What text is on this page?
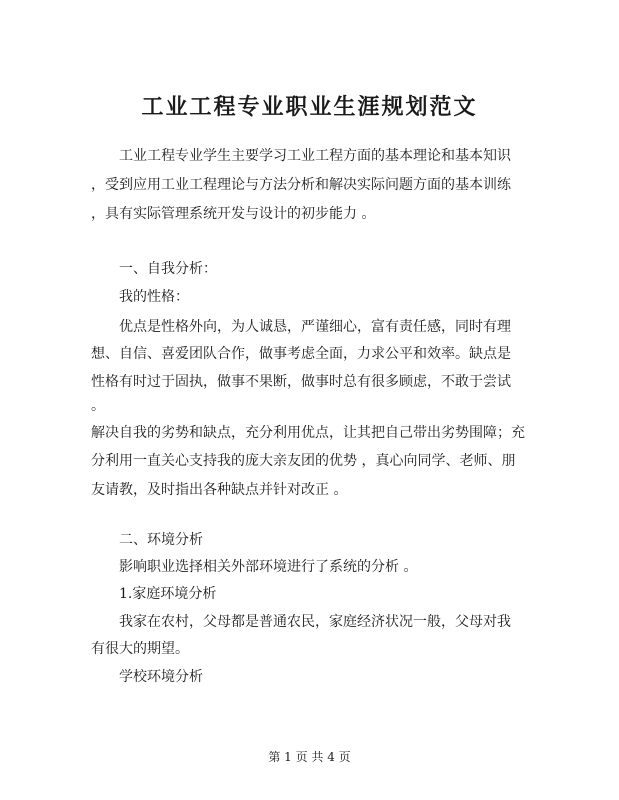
工业工程专业职业生涯规划范文
工业工程专业学生主要学习工业工程方面的基本理论和基本知识
，受到应用工业工程理论与方法分析和解决实际问题方面的基本训练
，具有实际管理系统开发与设计的初步能力 。
一、自我分析：
我的性格：
优点是性格外向，为人诚恳，严谨细心，富有责任感，同时有理
想、自信、喜爱团队合作，做事考虑全面，力求公平和效率。缺点是
性格有时过于固执，做事不果断，做事时总有很多顾虑，不敢于尝试
。
解决自我的劣势和缺点，充分利用优点，让其把自己带出劣势围障；充
分利用一直关心支持我的庞大亲友团的优势 ，真心向同学、老师、朋
友请教，及时指出各种缺点并针对改正 。
二、环境分析
影响职业选择相关外部环境进行了系统的分析 。
1.家庭环境分析
我家在农村，父母都是普通农民，家庭经济状况一般，父母对我
有很大的期望。
学校环境分析
第 1 页 共 4 页
